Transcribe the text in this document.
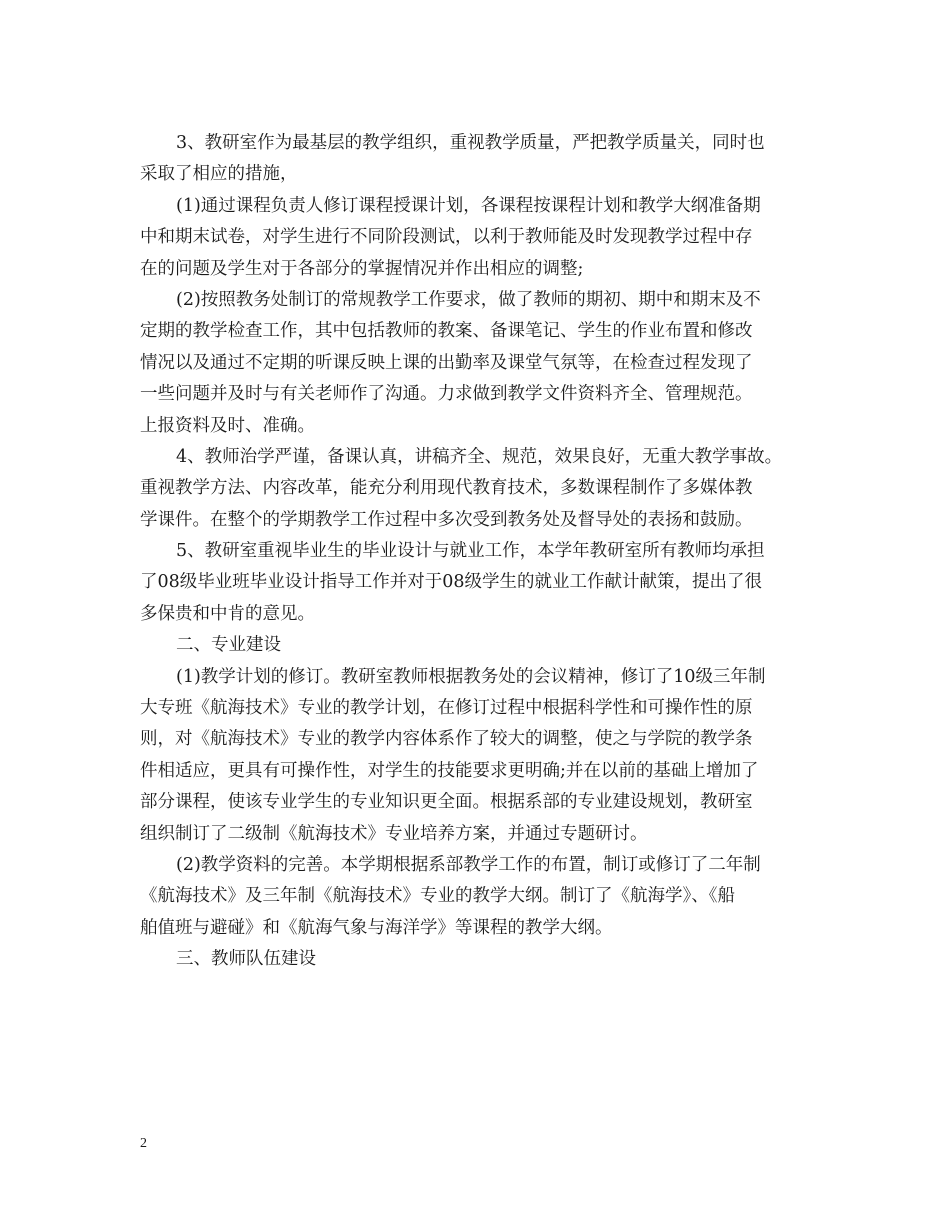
3、教研室作为最基层的教学组织，重视教学质量，严把教学质量关，同时也
采取了相应的措施，
(1)通过课程负责人修订课程授课计划，各课程按课程计划和教学大纲准备期
中和期末试卷，对学生进行不同阶段测试，以利于教师能及时发现教学过程中存
在的问题及学生对于各部分的掌握情况并作出相应的调整;
(2)按照教务处制订的常规教学工作要求，做了教师的期初、期中和期末及不
定期的教学检查工作，其中包括教师的教案、备课笔记、学生的作业布置和修改
情况以及通过不定期的听课反映上课的出勤率及课堂气氛等，在检查过程发现了
一些问题并及时与有关老师作了沟通。力求做到教学文件资料齐全、管理规范。
上报资料及时、准确。
4、教师治学严谨，备课认真，讲稿齐全、规范，效果良好，无重大教学事故。
重视教学方法、内容改革，能充分利用现代教育技术，多数课程制作了多媒体教
学课件。在整个的学期教学工作过程中多次受到教务处及督导处的表扬和鼓励。
5、教研室重视毕业生的毕业设计与就业工作，本学年教研室所有教师均承担
了08级毕业班毕业设计指导工作并对于08级学生的就业工作献计献策，提出了很
多保贵和中肯的意见。
二、专业建设
(1)教学计划的修订。教研室教师根据教务处的会议精神，修订了10级三年制
大专班《航海技术》专业的教学计划，在修订过程中根据科学性和可操作性的原
则，对《航海技术》专业的教学内容体系作了较大的调整，使之与学院的教学条
件相适应，更具有可操作性，对学生的技能要求更明确;并在以前的基础上增加了
部分课程，使该专业学生的专业知识更全面。根据系部的专业建设规划，教研室
组织制订了二级制《航海技术》专业培养方案，并通过专题研讨。
(2)教学资料的完善。本学期根据系部教学工作的布置，制订或修订了二年制
《航海技术》及三年制《航海技术》专业的教学大纲。制订了《航海学》、《船
舶值班与避碰》和《航海气象与海洋学》等课程的教学大纲。
三、教师队伍建设
2
